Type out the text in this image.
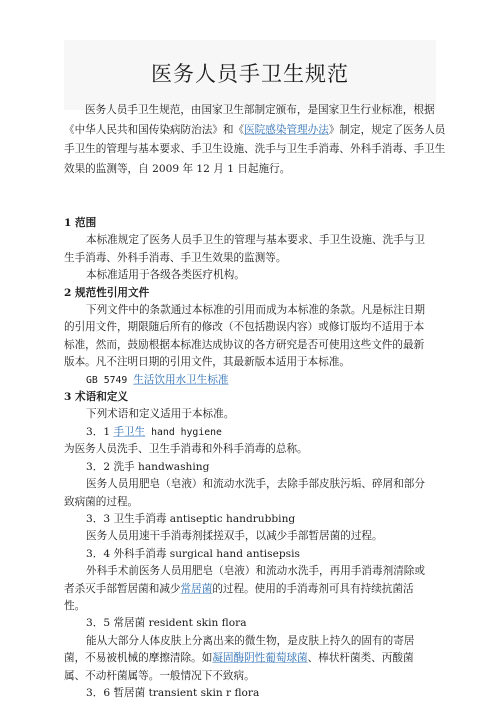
医务人员手卫生规范
医务人员手卫生规范，由国家卫生部制定颁布，是国家卫生行业标准，根据
《中华人民共和国传染病防治法》和《医院感染管理办法》制定，规定了医务人员
手卫生的管理与基本要求、手卫生设施、洗手与卫生手消毒、外科手消毒、手卫生
效果的监测等，自 2009 年 12 月 1 日起施行。
1 范围
本标准规定了医务人员手卫生的管理与基本要求、手卫生设施、洗手与卫
生手消毒、外科手消毒、手卫生效果的监测等。
本标准适用于各级各类医疗机构。
2 规范性引用文件
下列文件中的条款通过本标准的引用而成为本标准的条款。凡是标注日期
的引用文件，期限随后所有的修改（不包括勘误内容）或修订版均不适用于本
标准，然而，鼓励根据本标准达成协议的各方研究是否可使用这些文件的最新
版本。凡不注明日期的引用文件，其最新版本适用于本标准。
GB 5749 生活饮用水卫生标准
3 术语和定义
下列术语和定义适用于本标准。
3．1 手卫生 hand hygiene
为医务人员洗手、卫生手消毒和外科手消毒的总称。
3．2 洗手 handwashing
医务人员用肥皂（皂液）和流动水洗手，去除手部皮肤污垢、碎屑和部分
致病菌的过程。
3．3 卫生手消毒 antiseptic handrubbing
医务人员用速干手消毒剂揉搓双手，以减少手部暂居菌的过程。
3．4 外科手消毒 surgical hand antisepsis
外科手术前医务人员用肥皂（皂液）和流动水洗手，再用手消毒剂清除或
者杀灭手部暂居菌和减少常居菌的过程。使用的手消毒剂可具有持续抗菌活
性。
3．5 常居菌 resident skin flora
能从大部分人体皮肤上分离出来的微生物，是皮肤上持久的固有的寄居
菌，不易被机械的摩擦清除。如凝固酶阴性葡萄球菌、棒状杆菌类、丙酸菌
属、不动杆菌属等。一般情况下不致病。
3．6 暂居菌 transient skin r flora
